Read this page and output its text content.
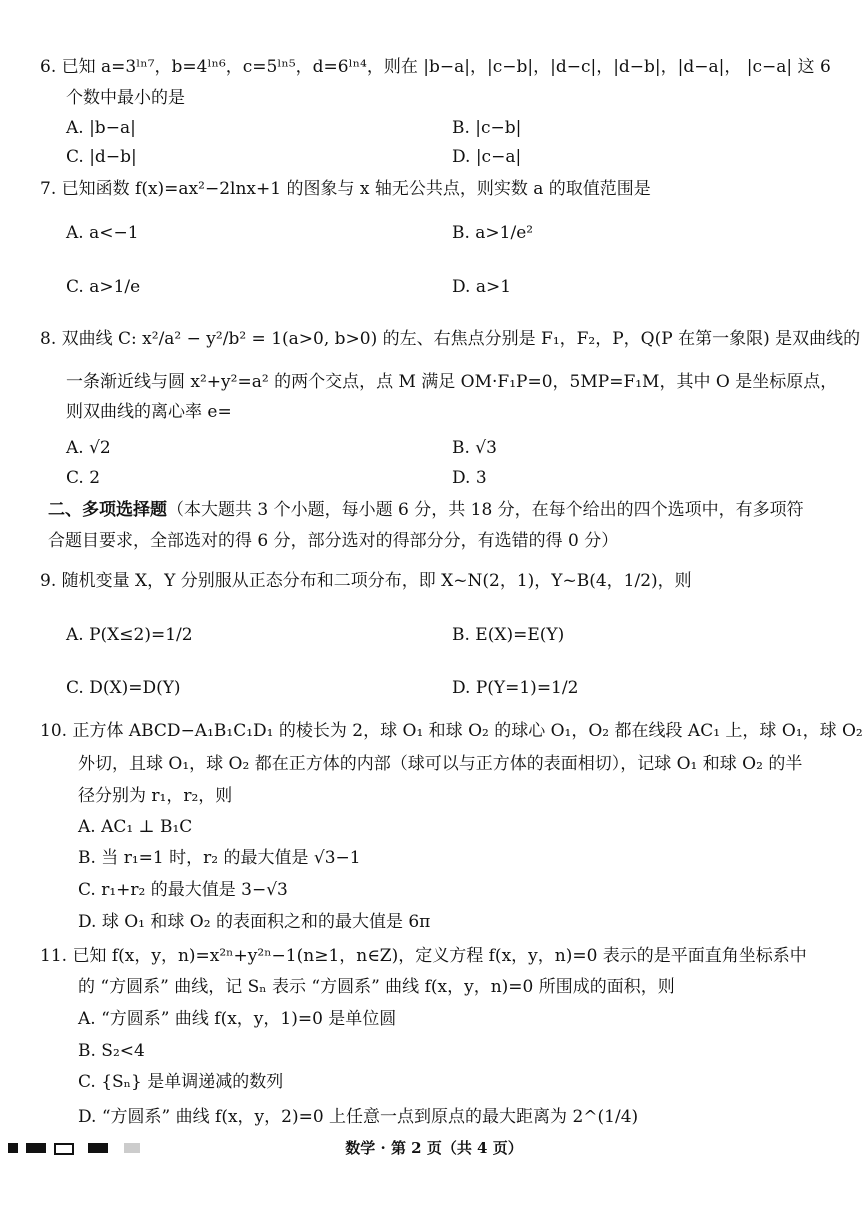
6. 已知 a=3ˡⁿ⁷，b=4ˡⁿ⁶，c=5ˡⁿ⁵，d=6ˡⁿ⁴，则在 |b−a|，|c−b|，|d−c|，|d−b|，|d−a|， |c−a| 这 6
个数中最小的是
A. |b−a|	B. |c−b|
C. |d−b|	D. |c−a|
7. 已知函数 f(x)=ax²−2lnx+1 的图象与 x 轴无公共点，则实数 a 的取值范围是
A. a<−1	B. a>1/e²
C. a>1/e	D. a>1
8. 双曲线 C: x²/a² − y²/b² = 1(a>0, b>0) 的左、右焦点分别是 F₁，F₂，P，Q(P 在第一象限) 是双曲线的
一条渐近线与圆 x²+y²=a² 的两个交点，点 M 满足 OM·F₁P=0，5MP=F₁M，其中 O 是坐标原点，
则双曲线的离心率 e=
A. √2	B. √3
C. 2	D. 3
二、多项选择题（本大题共 3 个小题，每小题 6 分，共 18 分，在每个给出的四个选项中，有多项符
合题目要求，全部选对的得 6 分，部分选对的得部分分，有选错的得 0 分）
9. 随机变量 X，Y 分别服从正态分布和二项分布，即 X~N(2，1)，Y~B(4，1/2)，则
A. P(X≤2)=1/2	B. E(X)=E(Y)
C. D(X)=D(Y)	D. P(Y=1)=1/2
10. 正方体 ABCD−A₁B₁C₁D₁ 的棱长为 2，球 O₁ 和球 O₂ 的球心 O₁，O₂ 都在线段 AC₁ 上，球 O₁，球 O₂
外切，且球 O₁，球 O₂ 都在正方体的内部（球可以与正方体的表面相切），记球 O₁ 和球 O₂ 的半
径分别为 r₁，r₂，则
A. AC₁ ⊥ B₁C
B. 当 r₁=1 时，r₂ 的最大值是 √3−1
C. r₁+r₂ 的最大值是 3−√3
D. 球 O₁ 和球 O₂ 的表面积之和的最大值是 6π
11. 已知 f(x，y，n)=x²ⁿ+y²ⁿ−1(n≥1，n∈Z)，定义方程 f(x，y，n)=0 表示的是平面直角坐标系中
的 “方圆系” 曲线，记 Sₙ 表示 “方圆系” 曲线 f(x，y，n)=0 所围成的面积，则
A. “方圆系” 曲线 f(x，y，1)=0 是单位圆
B. S₂<4
C. {Sₙ} 是单调递减的数列
D. “方圆系” 曲线 f(x，y，2)=0 上任意一点到原点的最大距离为 2^(1/4)
数学 · 第 2 页（共 4 页）
